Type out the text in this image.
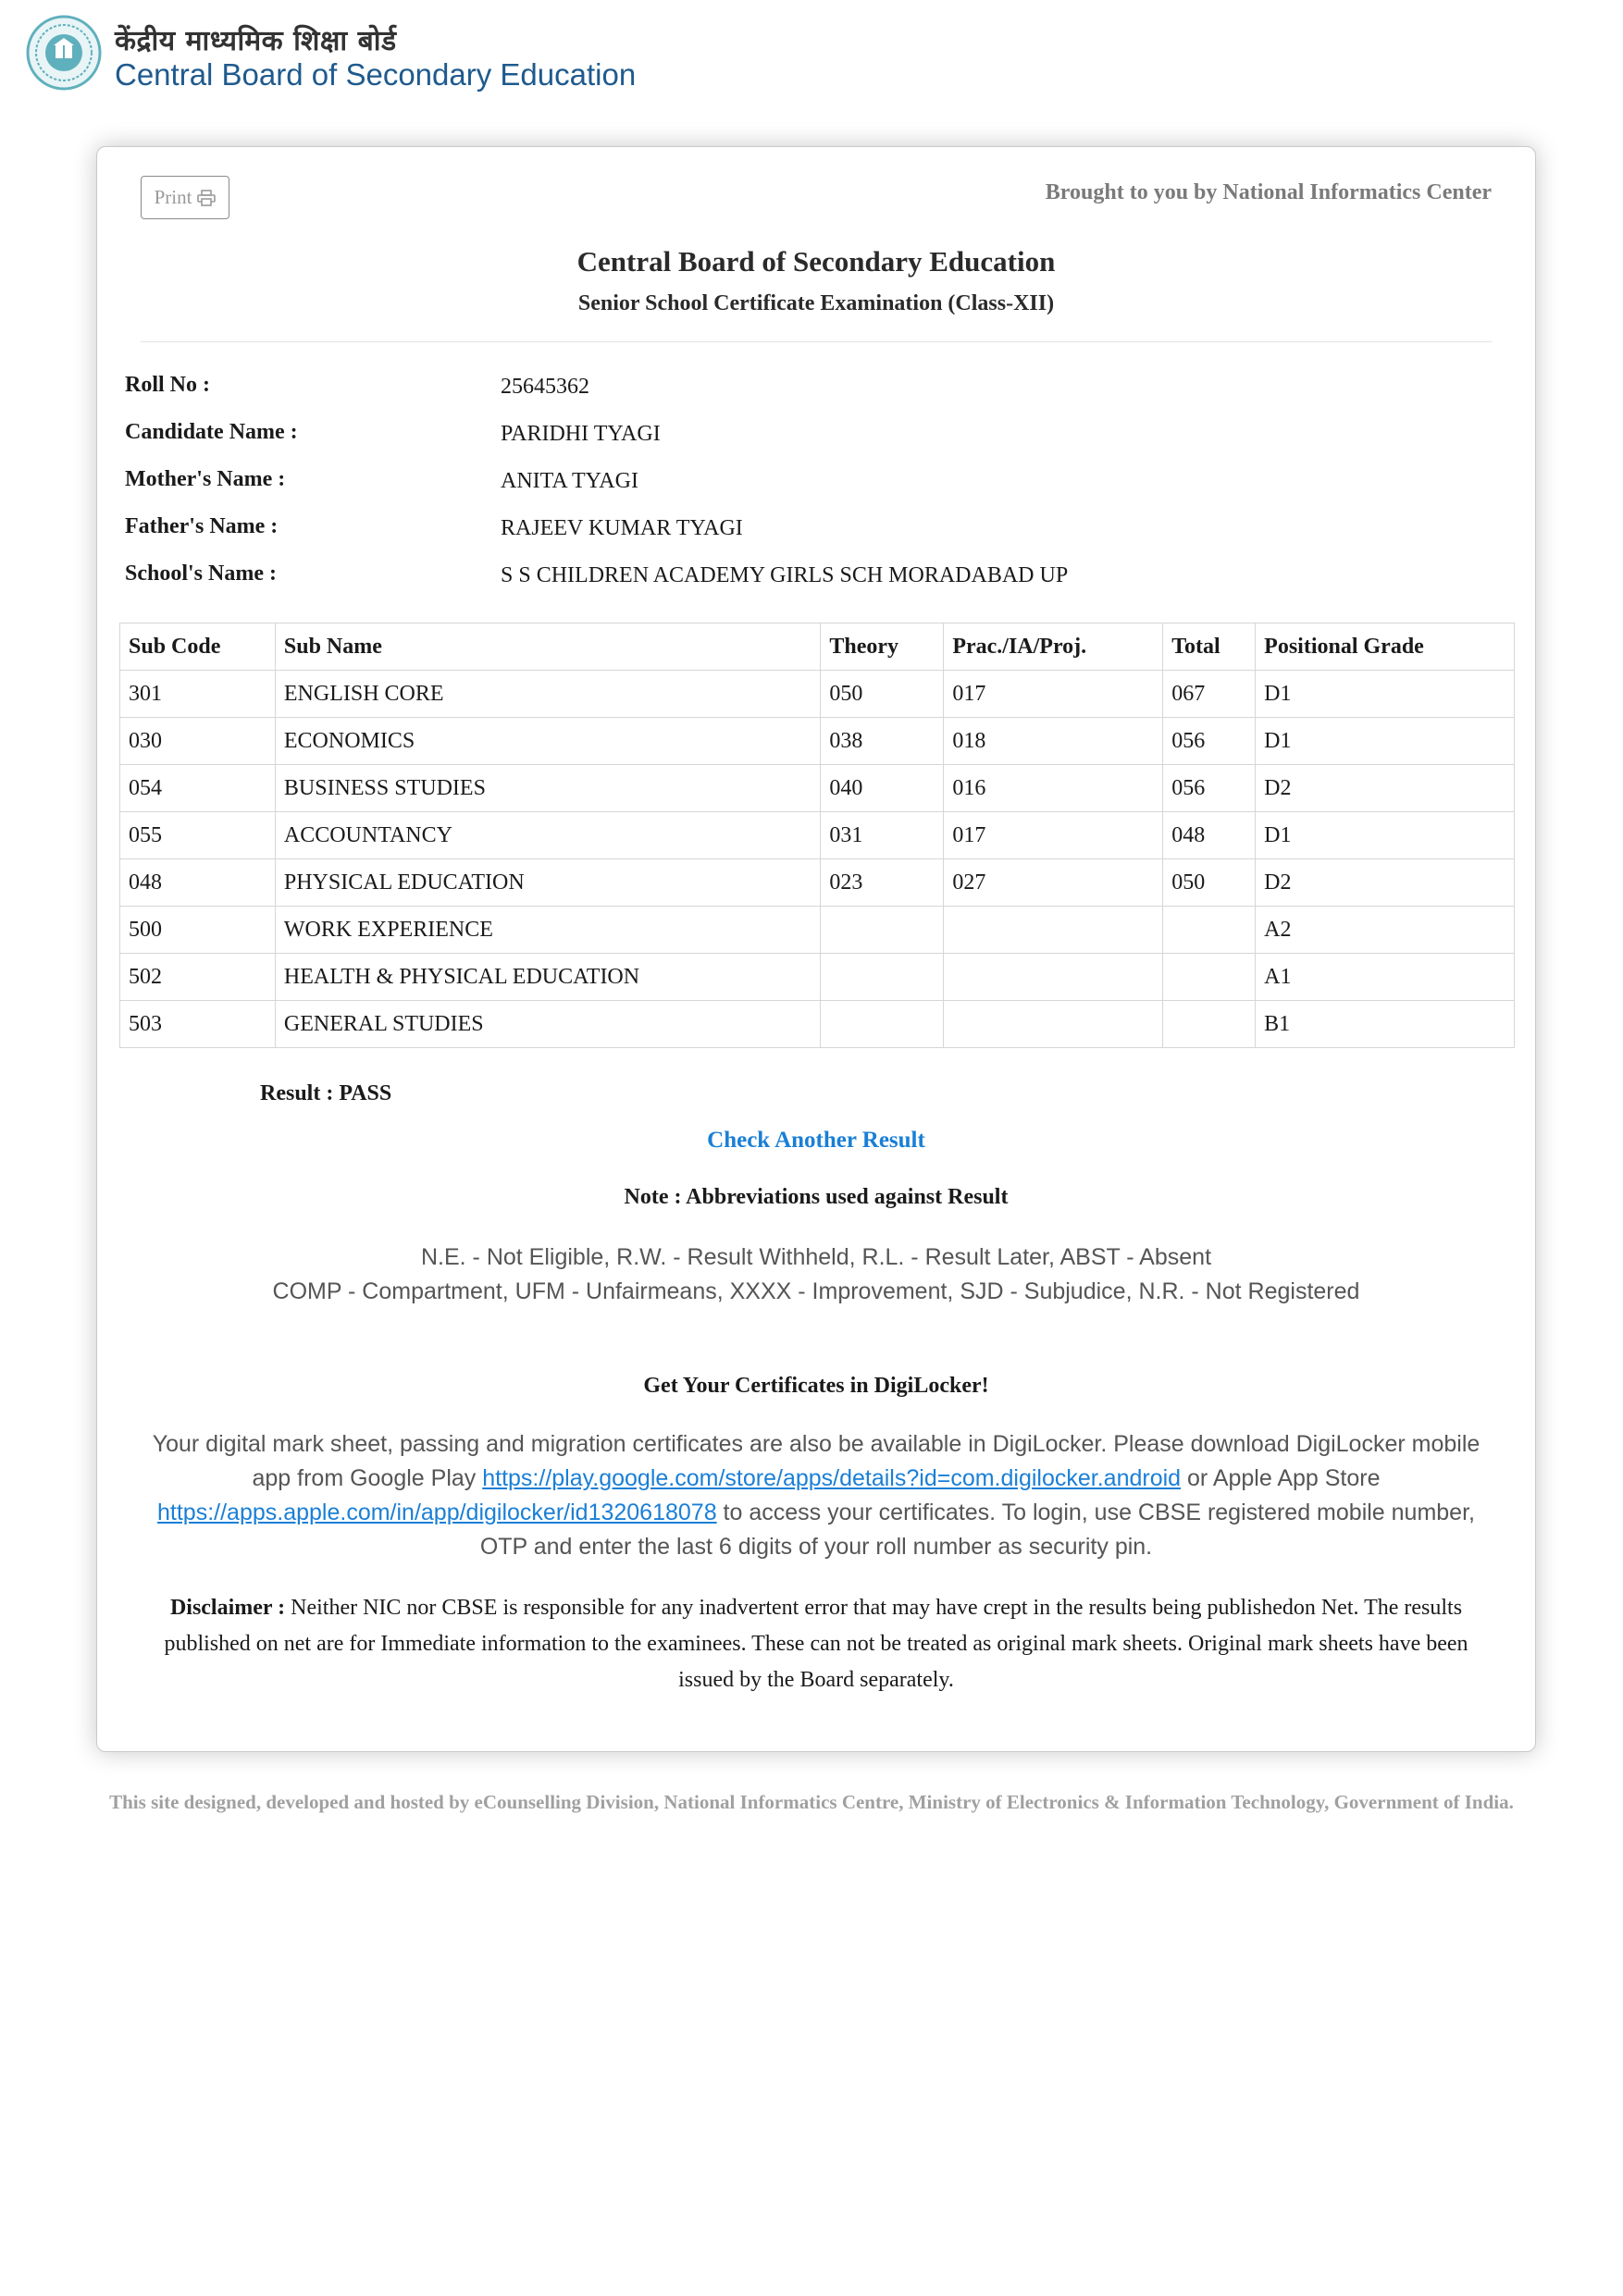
केंद्रीय माध्यमिक शिक्षा बोर्ड
Central Board of Secondary Education
Print	Brought to you by National Informatics Center
Central Board of Secondary Education
Senior School Certificate Examination (Class-XII)
Roll No :	25645362
Candidate Name :	PARIDHI TYAGI
Mother's Name :	ANITA TYAGI
Father's Name :	RAJEEV KUMAR TYAGI
School's Name :	S S CHILDREN ACADEMY GIRLS SCH MORADABAD UP
Sub Code	Sub Name	Theory	Prac./IA/Proj.	Total	Positional Grade
301	ENGLISH CORE	050	017	067	D1
030	ECONOMICS	038	018	056	D1
054	BUSINESS STUDIES	040	016	056	D2
055	ACCOUNTANCY	031	017	048	D1
048	PHYSICAL EDUCATION	023	027	050	D2
500	WORK EXPERIENCE				A2
502	HEALTH & PHYSICAL EDUCATION				A1
503	GENERAL STUDIES				B1
Result : PASS
Check Another Result
Note : Abbreviations used against Result
N.E. - Not Eligible, R.W. - Result Withheld, R.L. - Result Later, ABST - Absent
COMP - Compartment, UFM - Unfairmeans, XXXX - Improvement, SJD - Subjudice, N.R. - Not Registered
Get Your Certificates in DigiLocker!
Your digital mark sheet, passing and migration certificates are also be available in DigiLocker. Please download DigiLocker mobile app from Google Play https://play.google.com/store/apps/details?id=com.digilocker.android or Apple App Store https://apps.apple.com/in/app/digilocker/id1320618078 to access your certificates. To login, use CBSE registered mobile number, OTP and enter the last 6 digits of your roll number as security pin.
Disclaimer : Neither NIC nor CBSE is responsible for any inadvertent error that may have crept in the results being publishedon Net. The results published on net are for Immediate information to the examinees. These can not be treated as original mark sheets. Original mark sheets have been issued by the Board separately.
This site designed, developed and hosted by eCounselling Division, National Informatics Centre, Ministry of Electronics & Information Technology, Government of India.
